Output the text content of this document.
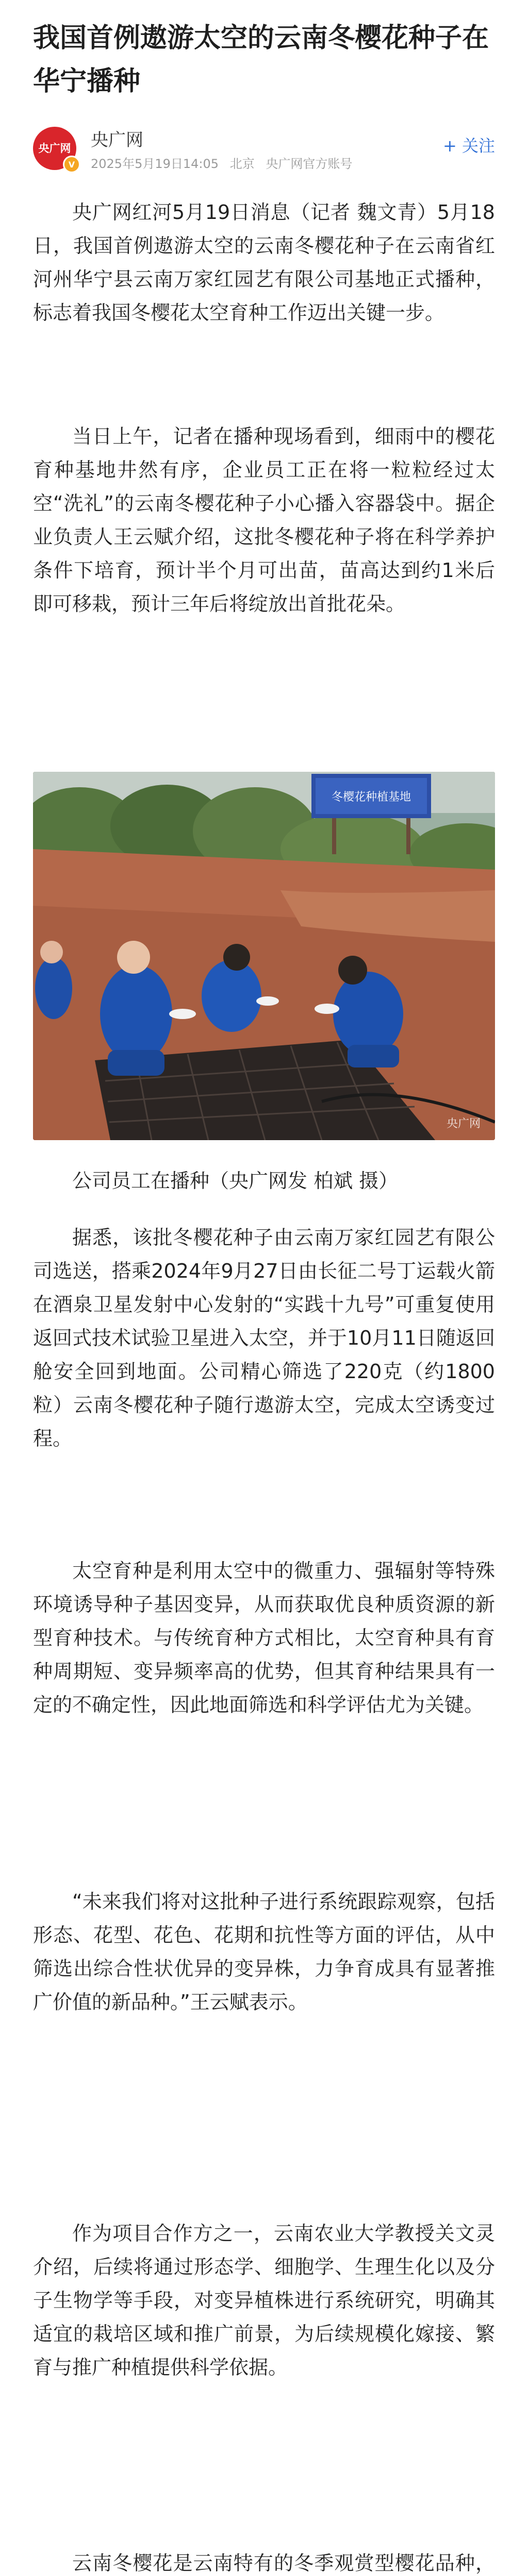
我国首例遨游太空的云南冬樱花种子在华宁播种
央广网
V
央广网
2025年5月19日14:05 北京 央广网官方账号
+ 关注

央广网红河5月19日消息（记者 魏文青）5月18日，我国首例遨游太空的云南冬樱花种子在云南省红河州华宁县云南万家红园艺有限公司基地正式播种，标志着我国冬樱花太空育种工作迈出关键一步。

当日上午，记者在播种现场看到，细雨中的樱花育种基地井然有序，企业员工正在将一粒粒经过太空“洗礼”的云南冬樱花种子小心播入容器袋中。据企业负责人王云赋介绍，这批冬樱花种子将在科学养护条件下培育，预计半个月可出苗，苗高达到约1米后即可移栽，预计三年后将绽放出首批花朵。

冬樱花种植基地
央广网
公司员工在播种（央广网发 柏斌 摄）

据悉，该批冬樱花种子由云南万家红园艺有限公司选送，搭乘2024年9月27日由长征二号丁运载火箭在酒泉卫星发射中心发射的“实践十九号”可重复使用返回式技术试验卫星进入太空，并于10月11日随返回舱安全回到地面。公司精心筛选了220克（约1800粒）云南冬樱花种子随行遨游太空，完成太空诱变过程。

太空育种是利用太空中的微重力、强辐射等特殊环境诱导种子基因变异，从而获取优良种质资源的新型育种技术。与传统育种方式相比，太空育种具有育种周期短、变异频率高的优势，但其育种结果具有一定的不确定性，因此地面筛选和科学评估尤为关键。

“未来我们将对这批种子进行系统跟踪观察，包括形态、花型、花色、花期和抗性等方面的评估，从中筛选出综合性状优异的变异株，力争育成具有显著推广价值的新品种。”王云赋表示。

作为项目合作方之一，云南农业大学教授关文灵介绍，后续将通过形态学、细胞学、生理生化以及分子生物学等手段，对变异植株进行系统研究，明确其适宜的栽培区域和推广前景，为后续规模化嫁接、繁育与推广种植提供科学依据。

云南冬樱花是云南特有的冬季观赏型樱花品种，
